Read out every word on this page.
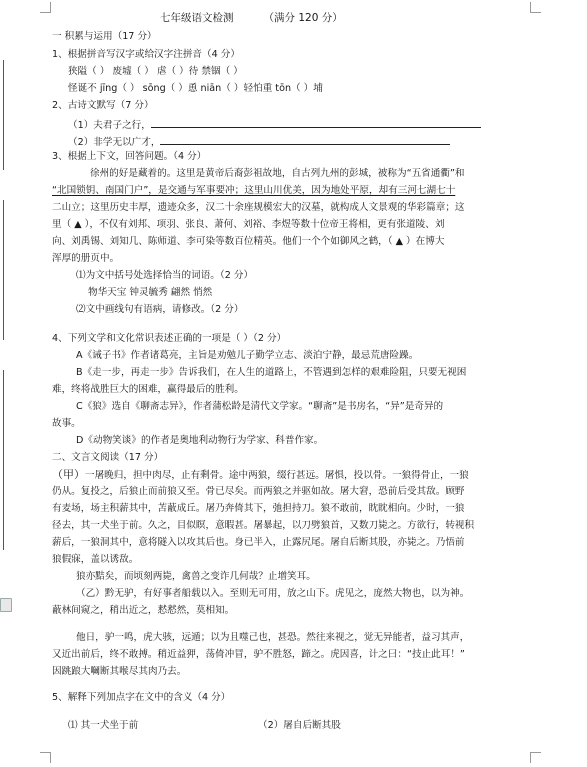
七年级语文检测	（满分 120 分）
一 积累与运用（17 分）
1、根据拼音写汉字或给汉字注拼音（4 分）
狭隘（ ） 废墟（ ） 虐（ ）待 禁锢（ ）
怪诞不 jīng（ ） sōng（ ）恿 niān（ ）轻怕重 tōn（ ）埔
2、古诗文默写（7 分）
（1）夫君子之行，
（2）非学无以广才，
3、根据上下文，回答问题。（4 分）
徐州的好是藏着的。这里是黄帝后裔彭祖故地，自古列九州的彭城，被称为“五省通衢”和
“北国锁钥、南国门户”，是交通与军事要冲；这里山川优美，因为地处平原，却有三河七湖七十
二山立；这里历史丰厚，遗迹众多，汉二十余座规模宏大的汉墓，就构成人文景观的华彩篇章；这
里（ ▲ ），不仅有刘邦、项羽、张良、萧何、刘裕、李煜等数十位帝王将相，更有张道陵、刘
向、刘禹锡、刘知几、陈师道、李可染等数百位精英。他们一个个如御风之鹤，（ ▲ ）在博大
浑厚的册页中。
⑴为文中括号处选择恰当的词语。（2 分）
物华天宝 钟灵毓秀 翩然 悄然
⑵文中画线句有语病，请修改。（2 分）
4、下列文学和文化常识表述正确的一项是（ ）（2 分）
A《诫子书》作者诸葛亮，主旨是劝勉儿子勤学立志、淡泊宁静，最忌荒唐险躁。
B《走一步，再走一步》告诉我们，在人生的道路上，不管遇到怎样的艰难险阻，只要无视困
难，终将战胜巨大的困难，赢得最后的胜利。
C《狼》选自《聊斋志异》，作者蒲松龄是清代文学家。“聊斋”是书房名，“异”是奇异的
故事。
D《动物笑谈》的作者是奥地利动物行为学家、科普作家。
二、文言文阅读（17 分）
（甲）一屠晚归，担中肉尽，止有剩骨。途中两狼，缀行甚远。屠惧，投以骨。一狼得骨止，一狼
仍从。复投之，后狼止而前狼又至。骨已尽矣。而两狼之并驱如故。屠大窘，恐前后受其敌。顾野
有麦场，场主积薪其中，苫蔽成丘。屠乃奔倚其下，弛担持刀。狼不敢前，眈眈相向。少时，一狼
径去，其一犬坐于前。久之，目似瞑，意暇甚。屠暴起，以刀劈狼首，又数刀毙之。方欲行，转视积
薪后，一狼洞其中，意将隧入以攻其后也。身已半入，止露尻尾。屠自后断其股，亦毙之。乃悟前
狼假寐，盖以诱敌。
狼亦黠矣，而顷刻两毙，禽兽之变诈几何哉？止增笑耳。
（乙）黔无驴，有好事者船载以入。至则无可用，放之山下。虎见之，庞然大物也，以为神。
蔽林间窥之，稍出近之，慭慭然，莫相知。
他日，驴一鸣，虎大骇，远遁；以为且噬己也，甚恐。然往来视之，觉无异能者，益习其声，
又近出前后，终不敢搏。稍近益狎，荡倚冲冒，驴不胜怒，蹄之。虎因喜，计之曰：“技止此耳！”
因跳踉大㘎断其喉尽其肉乃去。
5、解释下列加点字在文中的含义（4 分）
⑴ 其一犬坐于前	（2）屠自后断其股
